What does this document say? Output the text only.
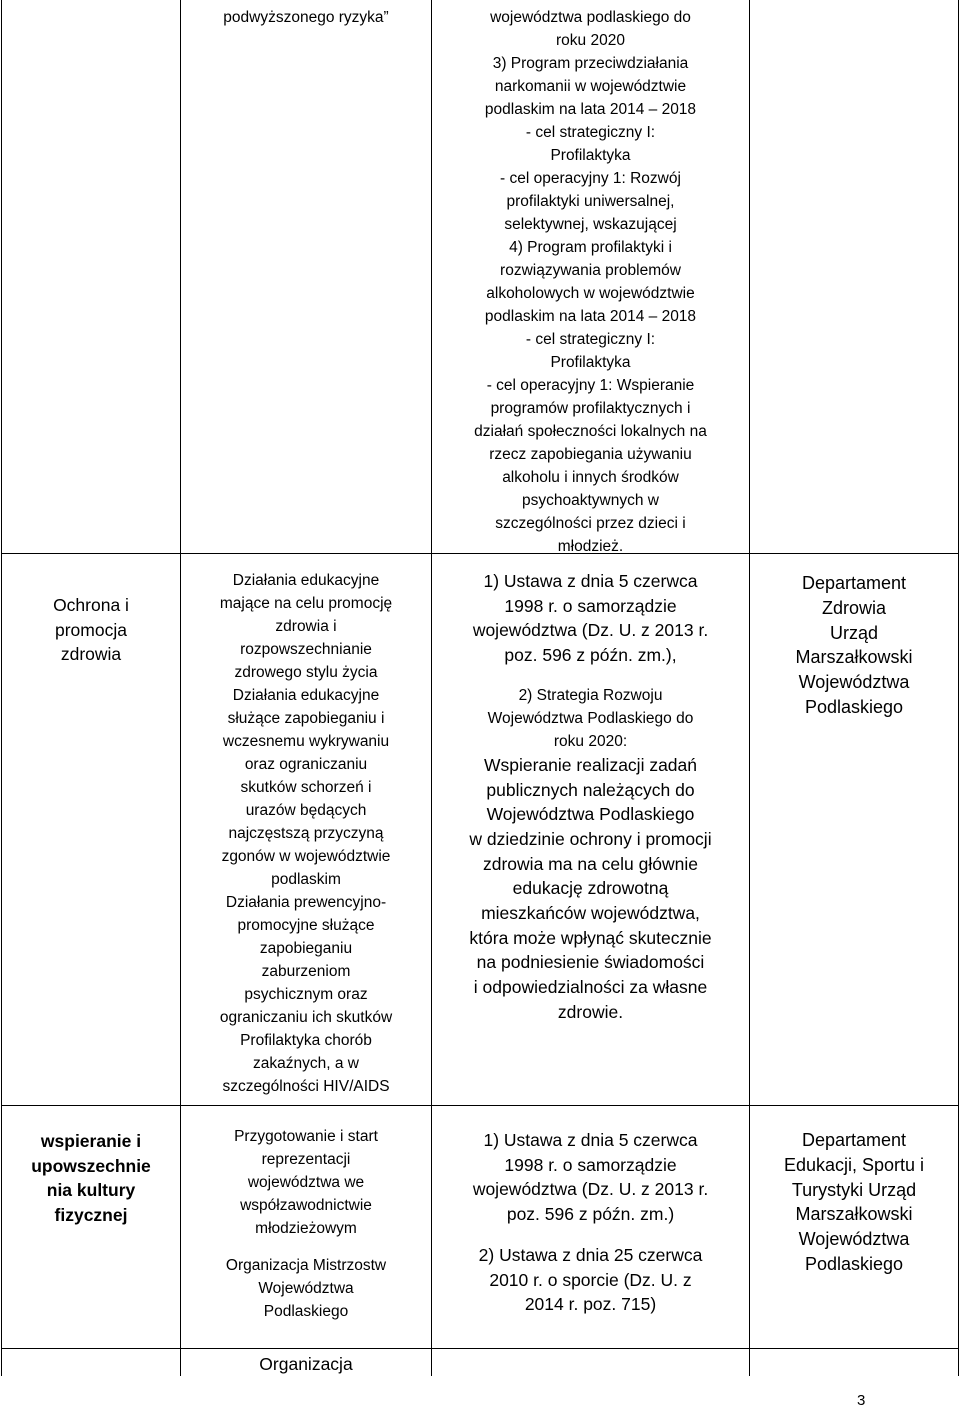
podwyższonego ryzyka”	województwa podlaskiego do
roku 2020
3) Program przeciwdziałania
narkomanii w województwie
podlaskim na lata 2014 – 2018
- cel strategiczny I:
Profilaktyka
- cel operacyjny 1: Rozwój
profilaktyki uniwersalnej,
selektywnej, wskazującej
4) Program profilaktyki i
rozwiązywania problemów
alkoholowych w województwie
podlaskim na lata 2014 – 2018
- cel strategiczny I:
Profilaktyka
- cel operacyjny 1: Wspieranie
programów profilaktycznych i
działań społeczności lokalnych na
rzecz zapobiegania używaniu
alkoholu i innych środków
psychoaktywnych w
szczególności przez dzieci i
młodzież.
Ochrona i
promocja
zdrowia
Działania edukacyjne
mające na celu promocję
zdrowia i
rozpowszechnianie
zdrowego stylu życia
Działania edukacyjne
służące zapobieganiu i
wczesnemu wykrywaniu
oraz ograniczaniu
skutków schorzeń i
urazów będących
najczęstszą przyczyną
zgonów w województwie
podlaskim
Działania prewencyjno-
promocyjne służące
zapobieganiu
zaburzeniom
psychicznym oraz
ograniczaniu ich skutków
Profilaktyka chorób
zakaźnych, a w
szczególności HIV/AIDS
1) Ustawa z dnia 5 czerwca
1998 r. o samorządzie
województwa (Dz. U. z 2013 r.
poz. 596 z późn. zm.),
2) Strategia Rozwoju
Województwa Podlaskiego do
roku 2020:
Wspieranie realizacji zadań
publicznych należących do
Województwa Podlaskiego
w dziedzinie ochrony i promocji
zdrowia ma na celu głównie
edukację zdrowotną
mieszkańców województwa,
która może wpłynąć skutecznie
na podniesienie świadomości
i odpowiedzialności za własne
zdrowie.
Departament
Zdrowia
Urząd
Marszałkowski
Województwa
Podlaskiego
wspieranie i
upowszechnie
nia kultury
fizycznej
Przygotowanie i start
reprezentacji
województwa we
współzawodnictwie
młodzieżowym
Organizacja Mistrzostw
Województwa
Podlaskiego
1) Ustawa z dnia 5 czerwca
1998 r. o samorządzie
województwa (Dz. U. z 2013 r.
poz. 596 z późn. zm.)
2) Ustawa z dnia 25 czerwca
2010 r. o sporcie (Dz. U. z
2014 r. poz. 715)
Departament
Edukacji, Sportu i
Turystyki Urząd
Marszałkowski
Województwa
Podlaskiego
Organizacja
3
